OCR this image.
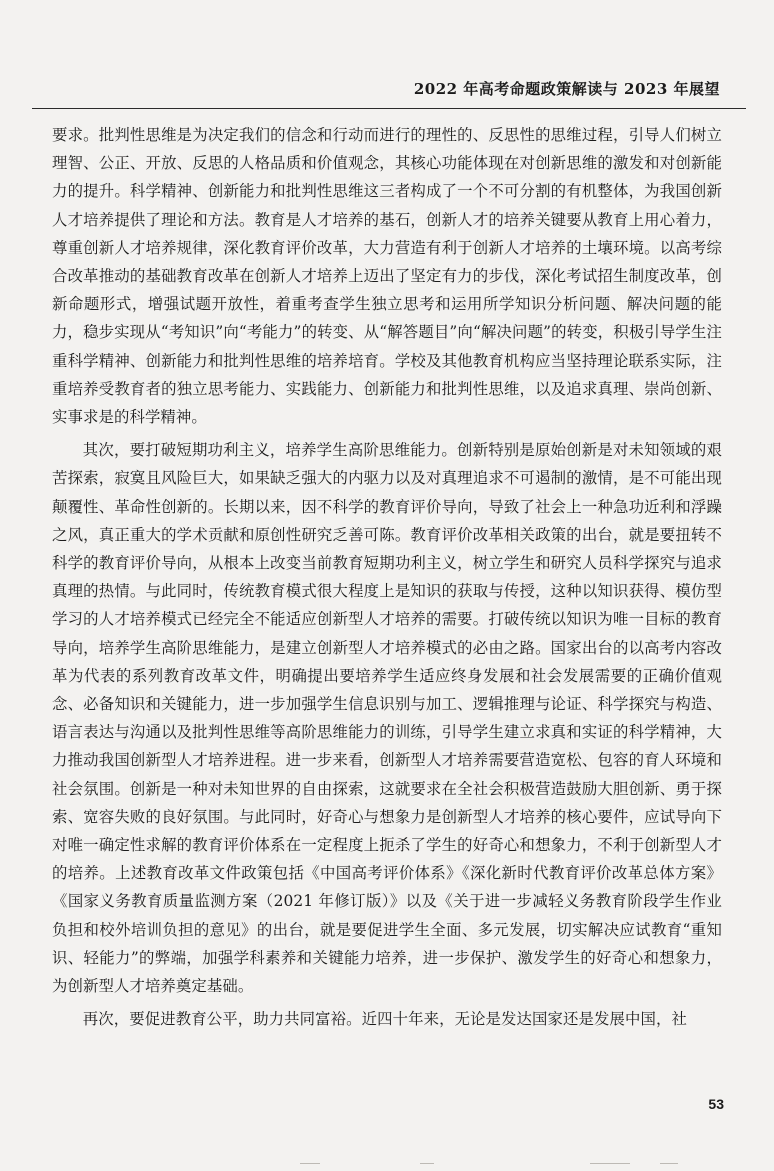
2022 年高考命题政策解读与 2023 年展望

要求。批判性思维是为决定我们的信念和行动而进行的理性的、反思性的思维过程，引导人们树立理智、公正、开放、反思的人格品质和价值观念，其核心功能体现在对创新思维的激发和对创新能力的提升。科学精神、创新能力和批判性思维这三者构成了一个不可分割的有机整体，为我国创新人才培养提供了理论和方法。教育是人才培养的基石，创新人才的培养关键要从教育上用心着力，尊重创新人才培养规律，深化教育评价改革，大力营造有利于创新人才培养的土壤环境。以高考综合改革推动的基础教育改革在创新人才培养上迈出了坚定有力的步伐，深化考试招生制度改革，创新命题形式，增强试题开放性，着重考查学生独立思考和运用所学知识分析问题、解决问题的能力，稳步实现从“考知识”向“考能力”的转变、从“解答题目”向“解决问题”的转变，积极引导学生注重科学精神、创新能力和批判性思维的培养培育。学校及其他教育机构应当坚持理论联系实际，注重培养受教育者的独立思考能力、实践能力、创新能力和批判性思维，以及追求真理、崇尚创新、实事求是的科学精神。

其次，要打破短期功利主义，培养学生高阶思维能力。创新特别是原始创新是对未知领域的艰苦探索，寂寞且风险巨大，如果缺乏强大的内驱力以及对真理追求不可遏制的激情，是不可能出现颠覆性、革命性创新的。长期以来，因不科学的教育评价导向，导致了社会上一种急功近利和浮躁之风，真正重大的学术贡献和原创性研究乏善可陈。教育评价改革相关政策的出台，就是要扭转不科学的教育评价导向，从根本上改变当前教育短期功利主义，树立学生和研究人员科学探究与追求真理的热情。与此同时，传统教育模式很大程度上是知识的获取与传授，这种以知识获得、模仿型学习的人才培养模式已经完全不能适应创新型人才培养的需要。打破传统以知识为唯一目标的教育导向，培养学生高阶思维能力，是建立创新型人才培养模式的必由之路。国家出台的以高考内容改革为代表的系列教育改革文件，明确提出要培养学生适应终身发展和社会发展需要的正确价值观念、必备知识和关键能力，进一步加强学生信息识别与加工、逻辑推理与论证、科学探究与构造、语言表达与沟通以及批判性思维等高阶思维能力的训练，引导学生建立求真和实证的科学精神，大力推动我国创新型人才培养进程。进一步来看，创新型人才培养需要营造宽松、包容的育人环境和社会氛围。创新是一种对未知世界的自由探索，这就要求在全社会积极营造鼓励大胆创新、勇于探索、宽容失败的良好氛围。与此同时，好奇心与想象力是创新型人才培养的核心要件，应试导向下对唯一确定性求解的教育评价体系在一定程度上扼杀了学生的好奇心和想象力，不利于创新型人才的培养。上述教育改革文件政策包括《中国高考评价体系》《深化新时代教育评价改革总体方案》《国家义务教育质量监测方案（2021 年修订版）》以及《关于进一步减轻义务教育阶段学生作业负担和校外培训负担的意见》的出台，就是要促进学生全面、多元发展，切实解决应试教育“重知识、轻能力”的弊端，加强学科素养和关键能力培养，进一步保护、激发学生的好奇心和想象力，为创新型人才培养奠定基础。

再次，要促进教育公平，助力共同富裕。近四十年来，无论是发达国家还是发展中国，社

53
